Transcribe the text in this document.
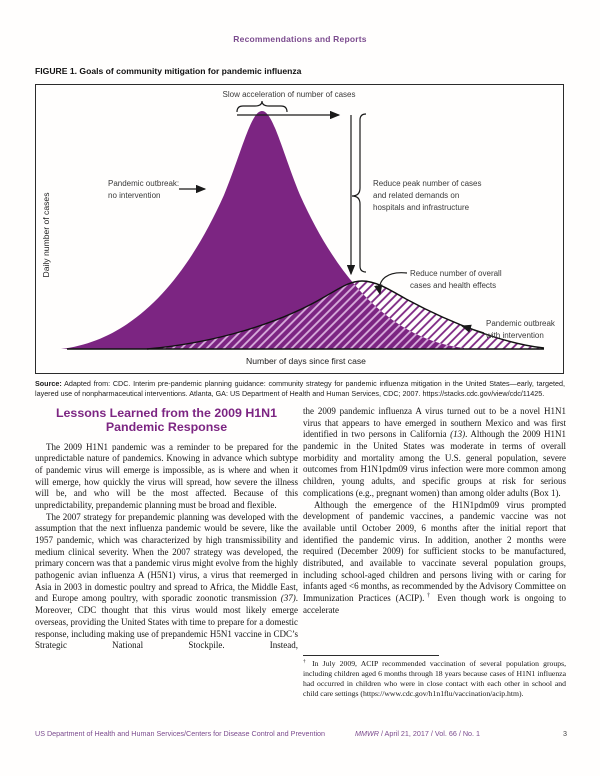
Recommendations and Reports
FIGURE 1. Goals of community mitigation for pandemic influenza
Slow acceleration of number of cases
Reduce peak number of cases
and related demands on
hospitals and infrastructure
Pandemic outbreak:
no intervention
Reduce number of overall
cases and health effects
Pandemic outbreak
with intervention
Number of days since first case
Daily number of cases
Source: Adapted from: CDC. Interim pre-pandemic planning guidance: community strategy for pandemic influenza mitigation in the United States—early, targeted, layered use of nonpharmaceutical interventions. Atlanta, GA: US Department of Health and Human Services, CDC; 2007. https://stacks.cdc.gov/view/cdc/11425.
Lessons Learned from the 2009 H1N1
Pandemic Response

The 2009 H1N1 pandemic was a reminder to be prepared for the unpredictable nature of pandemics. Knowing in advance which subtype of pandemic virus will emerge is impossible, as is where and when it will emerge, how quickly the virus will spread, how severe the illness will be, and who will be the most affected. Because of this unpredictability, prepandemic planning must be broad and flexible.

The 2007 strategy for prepandemic planning was developed with the assumption that the next influenza pandemic would be severe, like the 1957 pandemic, which was characterized by high transmissibility and medium clinical severity. When the 2007 strategy was developed, the primary concern was that a pandemic virus might evolve from the highly pathogenic avian influenza A (H5N1) virus, a virus that reemerged in Asia in 2003 in domestic poultry and spread to Africa, the Middle East, and Europe among poultry, with sporadic zoonotic transmission (37). Moreover, CDC thought that this virus would most likely emerge overseas, providing the United States with time to prepare for a domestic response, including making use of prepandemic H5N1 vaccine in CDC’s Strategic National Stockpile. Instead,

the 2009 pandemic influenza A virus turned out to be a novel H1N1 virus that appears to have emerged in southern Mexico and was first identified in two persons in California (13). Although the 2009 H1N1 pandemic in the United States was moderate in terms of overall morbidity and mortality among the U.S. general population, severe outcomes from H1N1pdm09 virus infection were more common among children, young adults, and specific groups at risk for serious complications (e.g., pregnant women) than among older adults (Box 1).

Although the emergence of the H1N1pdm09 virus prompted development of pandemic vaccines, a pandemic vaccine was not available until October 2009, 6 months after the initial report that identified the pandemic virus. In addition, another 2 months were required (December 2009) for sufficient stocks to be manufactured, distributed, and available to vaccinate several population groups, including school-aged children and persons living with or caring for infants aged <6 months, as recommended by the Advisory Committee on Immunization Practices (ACIP).† Even though work is ongoing to accelerate

† In July 2009, ACIP recommended vaccination of several population groups, including children aged 6 months through 18 years because cases of H1N1 influenza had occurred in children who were in close contact with each other in school and child care settings (https://www.cdc.gov/h1n1flu/vaccination/acip.htm).
US Department of Health and Human Services/Centers for Disease Control and Prevention	MMWR / April 21, 2017 / Vol. 66 / No. 1	3
